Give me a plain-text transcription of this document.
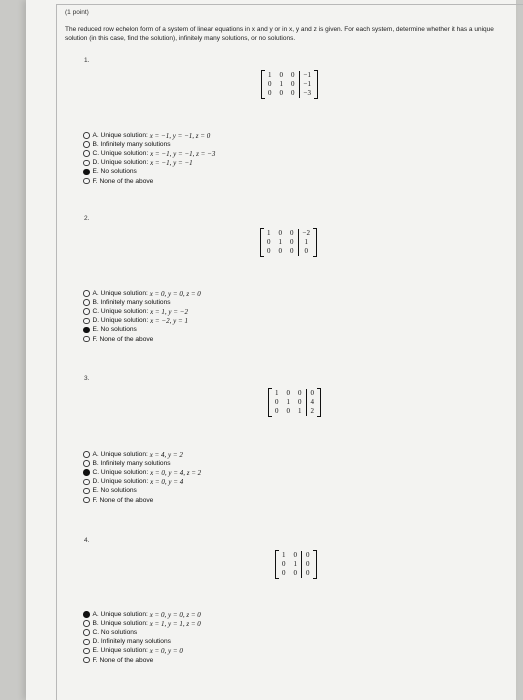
(1 point)
The reduced row echelon form of a system of linear equations in x and y or in x, y and z is given. For each system, determine whether it has a unique solution (in this case, find the solution), infinitely many solutions, or no solutions.
1.
1	0	0	−1
0	1	0	−1
0	0	0	−3
A. Unique solution:
x = −1, y = −1, z = 0
B. Infinitely many solutions

C. Unique solution:
x = −1, y = −1, z = −3
D. Unique solution:
x = −1, y = −1
E. No solutions

F. None of the above

2.
1	0	0	−2
0	1	0	1
0	0	0	0
A. Unique solution:
x = 0, y = 0, z = 0
B. Infinitely many solutions

C. Unique solution:
x = 1, y = −2
D. Unique solution:
x = −2, y = 1
E. No solutions

F. None of the above

3.
1	0	0	0
0	1	0	4
0	0	1	2
A. Unique solution:
x = 4, y = 2
B. Infinitely many solutions

C. Unique solution:
x = 0, y = 4, z = 2
D. Unique solution:
x = 0, y = 4
E. No solutions

F. None of the above

4.
1	0	0
0	1	0
0	0	0
A. Unique solution:
x = 0, y = 0, z = 0
B. Unique solution:
x = 1, y = 1, z = 0
C. No solutions

D. Infinitely many solutions

E. Unique solution:
x = 0, y = 0
F. None of the above
